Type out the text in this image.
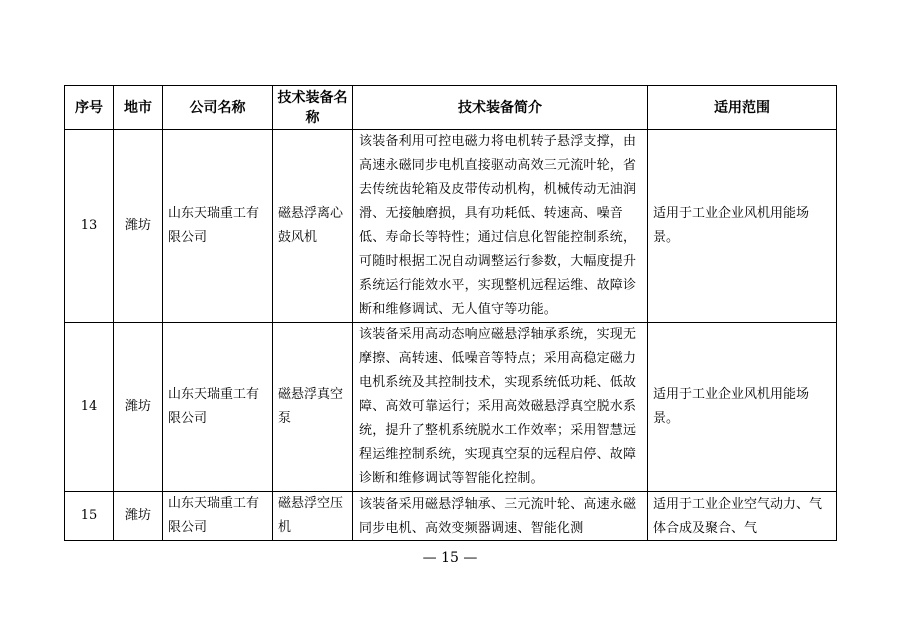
序号	地市	公司名称	技术装备名称	技术装备简介	适用范围
13	潍坊	山东天瑞重工有限公司	磁悬浮离心鼓风机	该装备利用可控电磁力将电机转子悬浮支撑，由高速永磁同步电机直接驱动高效三元流叶轮，省去传统齿轮箱及皮带传动机构，机械传动无油润滑、无接触磨损，具有功耗低、转速高、噪音低、寿命长等特性；通过信息化智能控制系统，可随时根据工况自动调整运行参数，大幅度提升系统运行能效水平，实现整机远程运维、故障诊断和维修调试、无人值守等功能。	适用于工业企业风机用能场景。
14	潍坊	山东天瑞重工有限公司	磁悬浮真空泵	该装备采用高动态响应磁悬浮轴承系统，实现无摩擦、高转速、低噪音等特点；采用高稳定磁力电机系统及其控制技术，实现系统低功耗、低故障、高效可靠运行；采用高效磁悬浮真空脱水系统，提升了整机系统脱水工作效率；采用智慧远程运维控制系统，实现真空泵的远程启停、故障诊断和维修调试等智能化控制。	适用于工业企业风机用能场景。
15	潍坊	山东天瑞重工有限公司	磁悬浮空压机	该装备采用磁悬浮轴承、三元流叶轮、高速永磁同步电机、高效变频器调速、智能化测	适用于工业企业空气动力、气体合成及聚合、气
— 15 —
